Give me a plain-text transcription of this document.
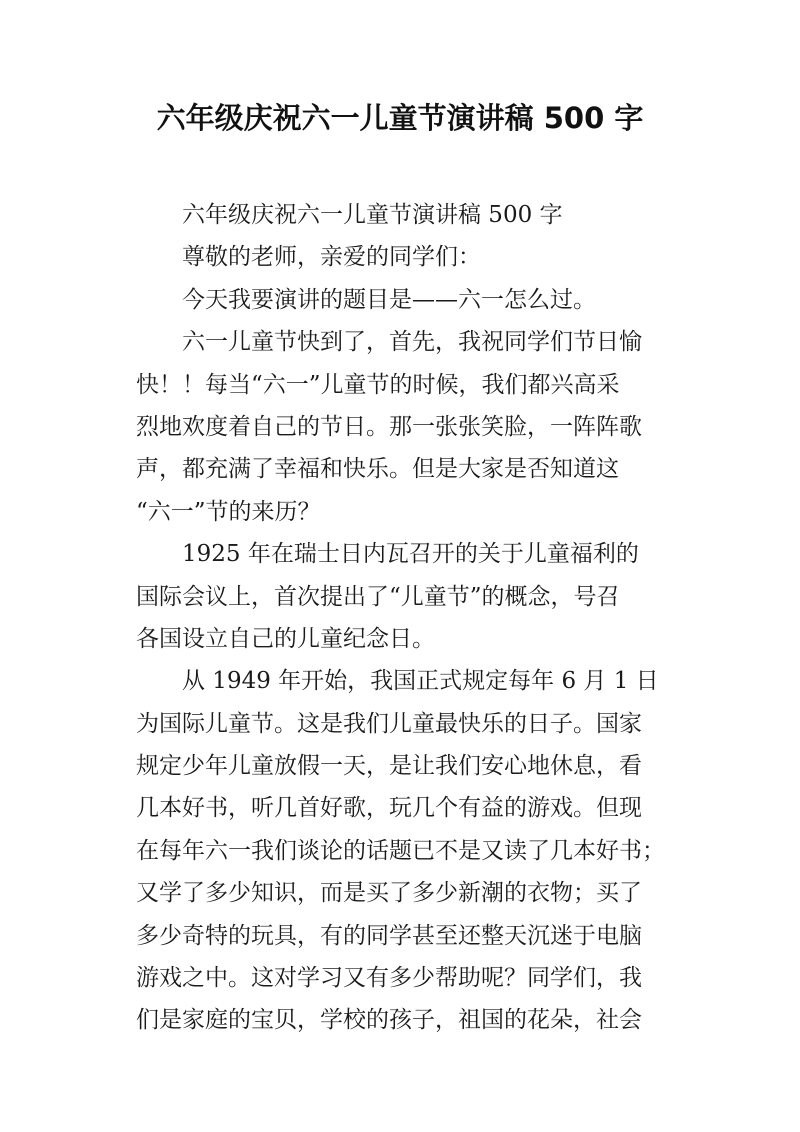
六年级庆祝六一儿童节演讲稿 500 字
六年级庆祝六一儿童节演讲稿 500 字
尊敬的老师，亲爱的同学们：
今天我要演讲的题目是——六一怎么过。
六一儿童节快到了，首先，我祝同学们节日愉
快！！每当“六一”儿童节的时候，我们都兴高采
烈地欢度着自己的节日。那一张张笑脸，一阵阵歌
声，都充满了幸福和快乐。但是大家是否知道这
“六一”节的来历？
1925 年在瑞士日内瓦召开的关于儿童福利的
国际会议上，首次提出了“儿童节”的概念，号召
各国设立自己的儿童纪念日。
从 1949 年开始，我国正式规定每年 6 月 1 日
为国际儿童节。这是我们儿童最快乐的日子。国家
规定少年儿童放假一天，是让我们安心地休息，看
几本好书，听几首好歌，玩几个有益的游戏。但现
在每年六一我们谈论的话题已不是又读了几本好书；
又学了多少知识，而是买了多少新潮的衣物；买了
多少奇特的玩具，有的同学甚至还整天沉迷于电脑
游戏之中。这对学习又有多少帮助呢？同学们，我
们是家庭的宝贝，学校的孩子，祖国的花朵，社会
